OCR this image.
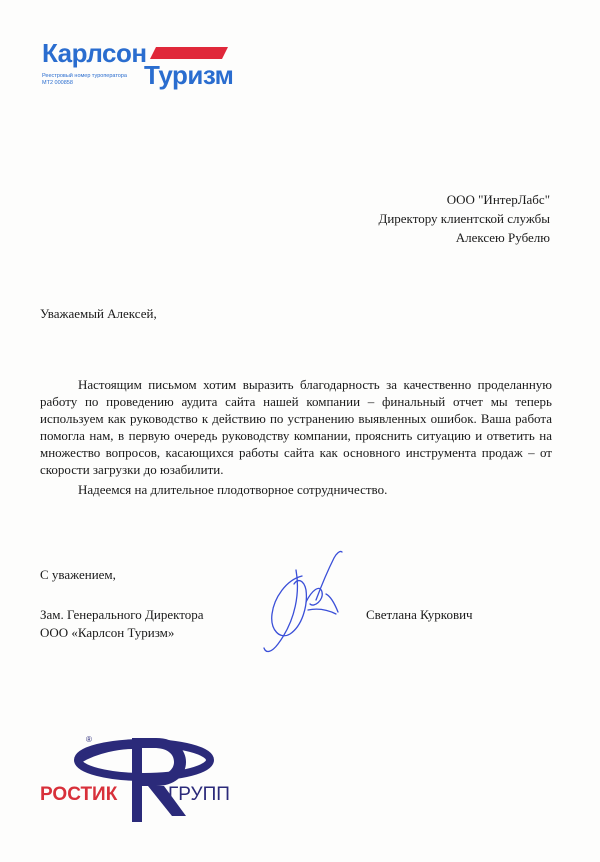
Карлсон
Туризм
Реестровый номер туроператора
МТ2 000858
ООО "ИнтерЛабс"
Директору клиентской службы
Алексею Рубелю
Уважаемый Алексей,

Настоящим письмом хотим выразить благодарность за качественно проделанную работу по проведению аудита сайта нашей компании – финальный отчет мы теперь используем как руководство к действию по устранению выявленных ошибок. Ваша работа помогла нам, в первую очередь руководству компании, прояснить ситуацию и ответить на множество вопросов, касающихся работы сайта как основного инструмента продаж – от скорости загрузки до юзабилити.

Надеемся на длительное плодотворное сотрудничество.
С уважением,
Зам. Генерального Директора
ООО «Карлсон Туризм»
Светлана Куркович
®
РОСТИК	ГРУПП
